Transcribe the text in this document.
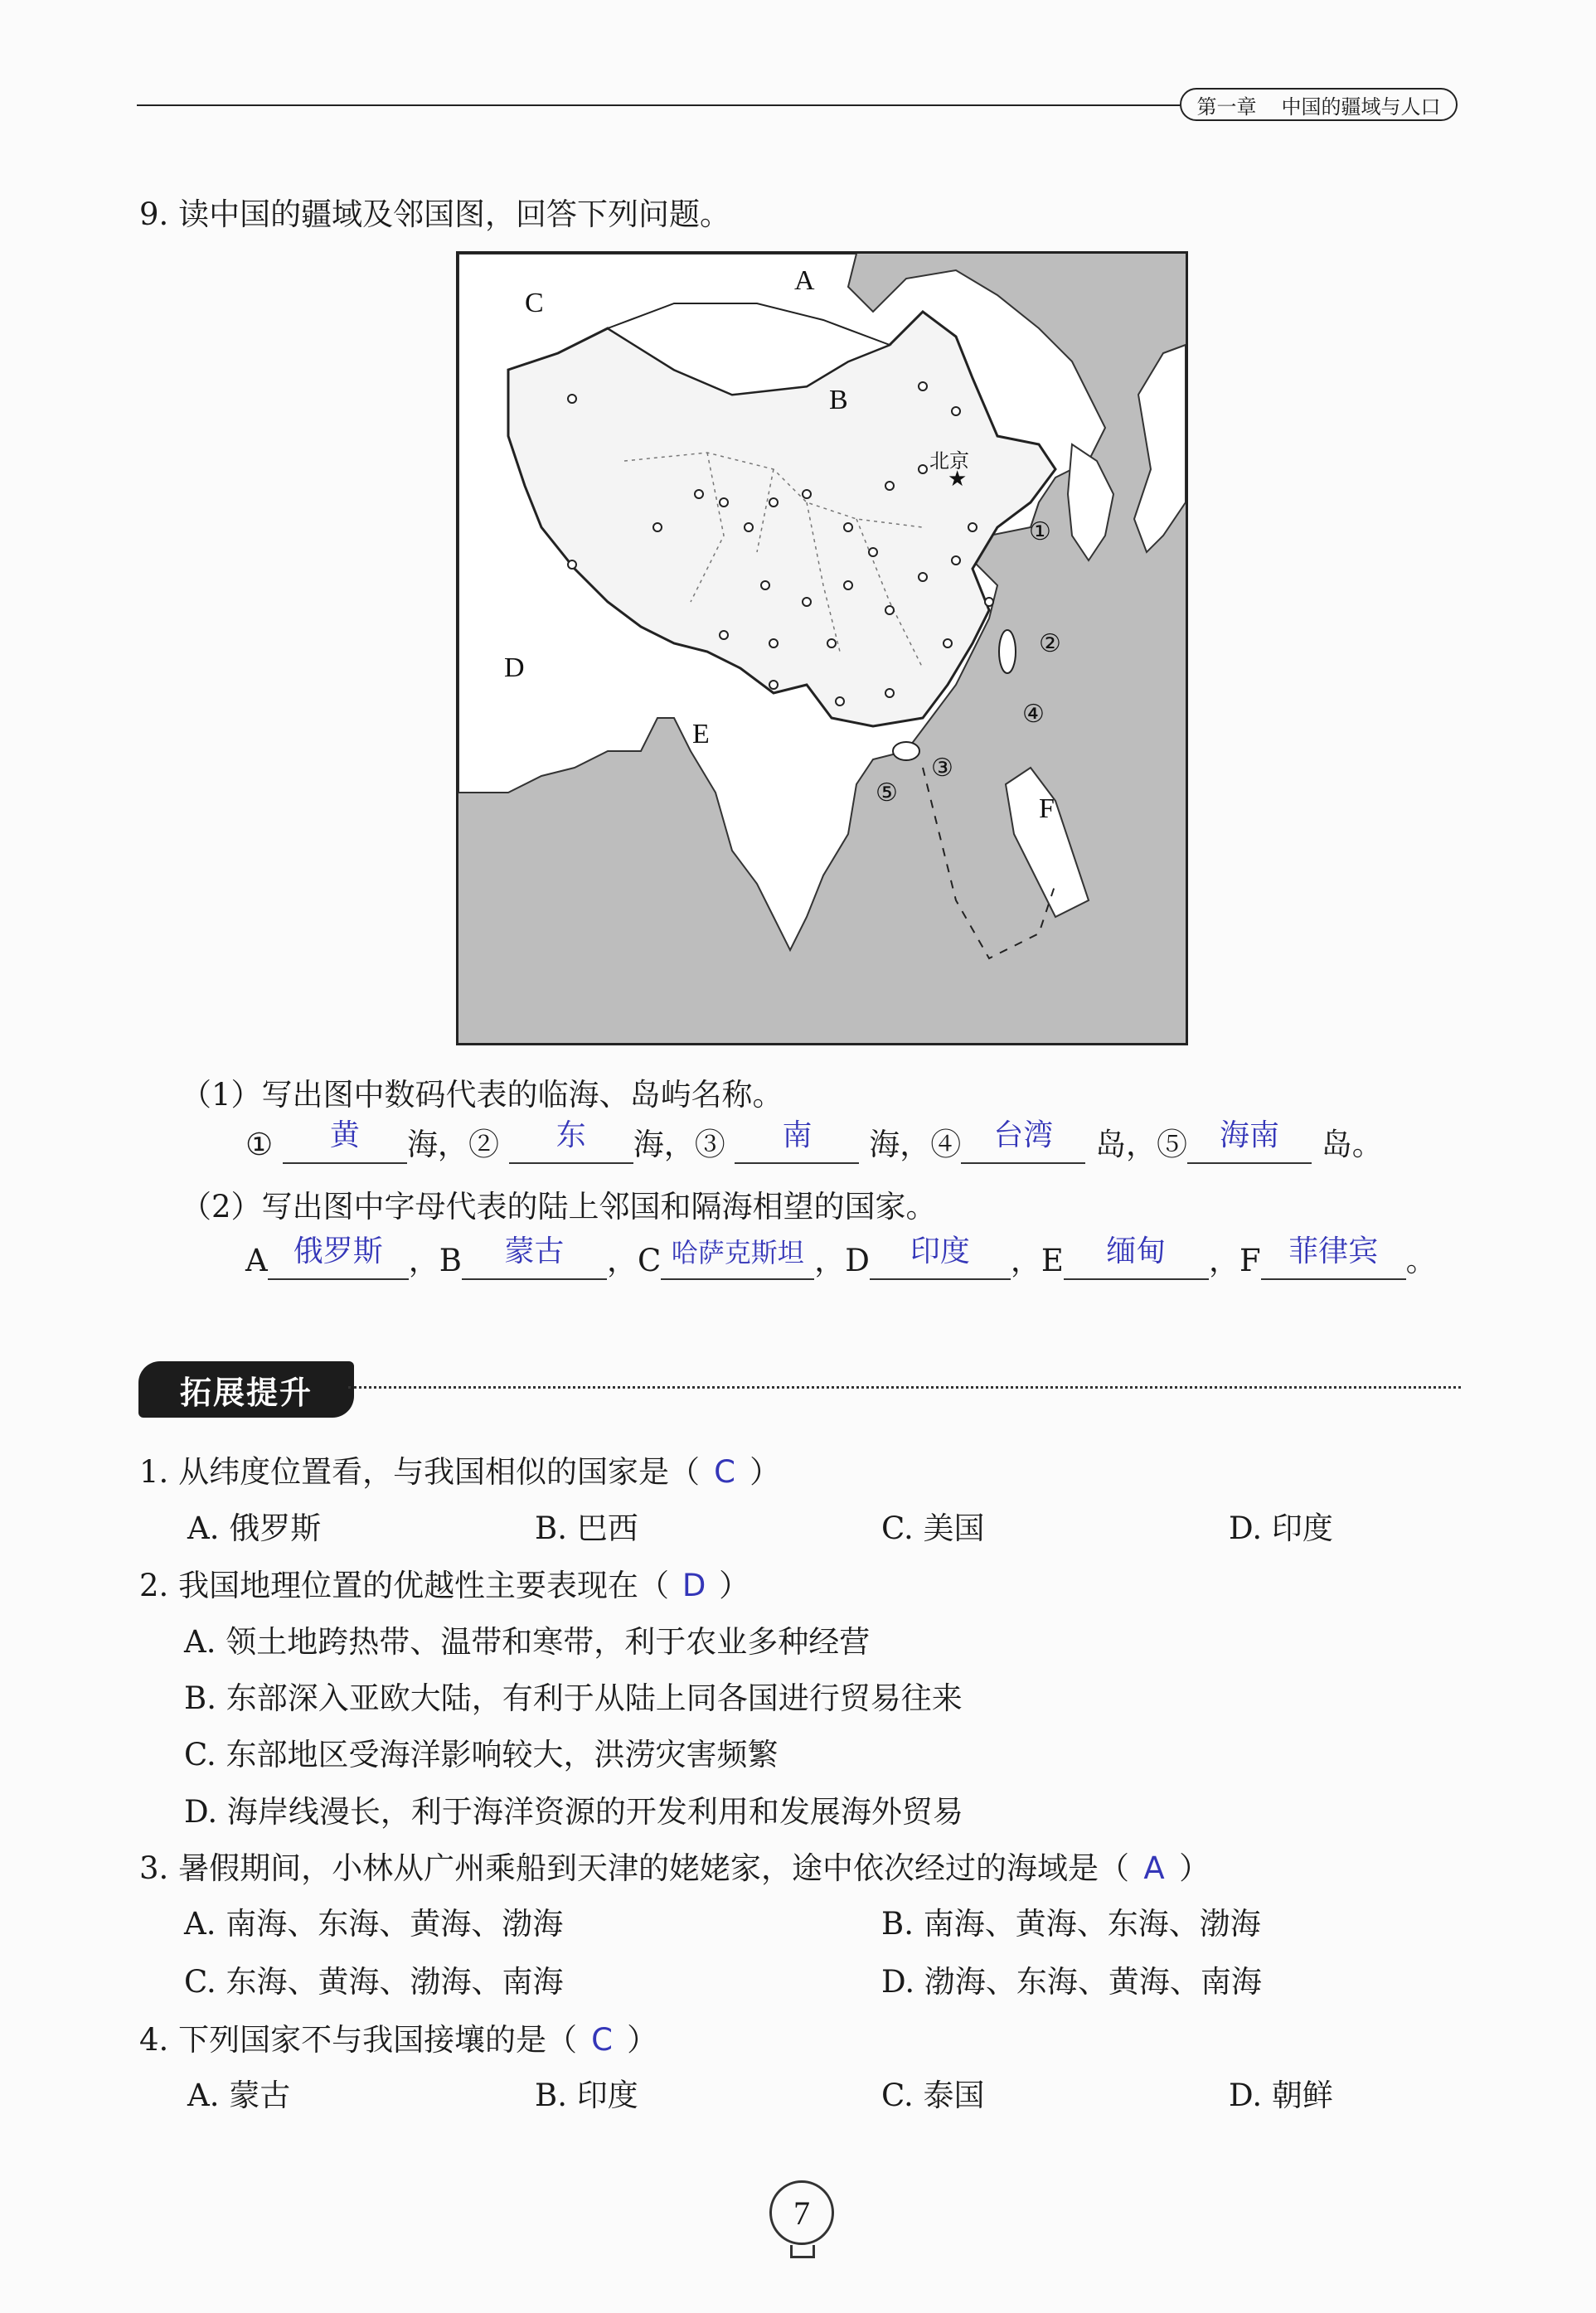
第一章 中国的疆域与人口
9. 读中国的疆域及邻国图，回答下列问题。
★
北京
A
B
C
D
E
F
①
②
③
④
⑤
（1）写出图中数码代表的临海、岛屿名称。
①	黄	海，②	东	海，③	南	海，④	台湾	岛，⑤	海南	岛。
（2）写出图中字母代表的陆上邻国和隔海相望的国家。
A 俄罗斯 ，B	蒙古	，C 哈萨克斯坦 ，D	印度	，E	缅甸	，F 菲律宾 。
拓展提升
1. 从纬度位置看，与我国相似的国家是（ C ）
A. 俄罗斯	B. 巴西	C. 美国	D. 印度
2. 我国地理位置的优越性主要表现在（ D ）
A. 领土地跨热带、温带和寒带，利于农业多种经营
B. 东部深入亚欧大陆，有利于从陆上同各国进行贸易往来
C. 东部地区受海洋影响较大，洪涝灾害频繁
D. 海岸线漫长，利于海洋资源的开发利用和发展海外贸易
3. 暑假期间，小林从广州乘船到天津的姥姥家，途中依次经过的海域是（ A ）
A. 南海、东海、黄海、渤海	B. 南海、黄海、东海、渤海
C. 东海、黄海、渤海、南海	D. 渤海、东海、黄海、南海
4. 下列国家不与我国接壤的是（ C ）
A. 蒙古	B. 印度	C. 泰国	D. 朝鲜
7
